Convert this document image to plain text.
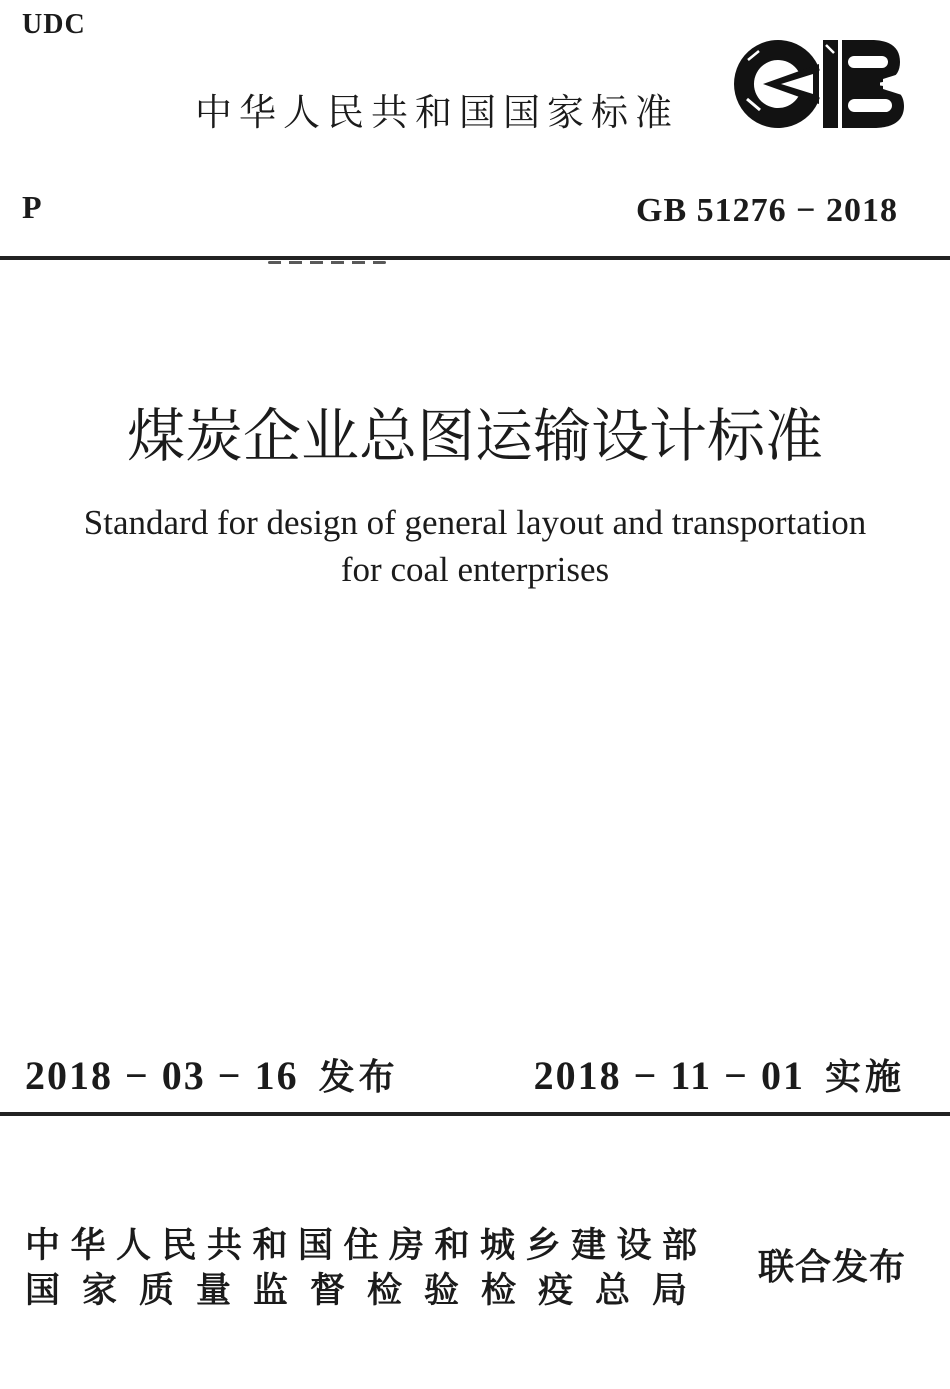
UDC
中华人民共和国国家标准
P	GB 51276 − 2018
煤炭企业总图运输设计标准
Standard for design of general layout and transportation
for coal enterprises
2018 − 03 − 16 发布	2018 − 11 − 01 实施
中华人民共和国住房和城乡建设部
国家质量监督检验检疫总局
联合发布
